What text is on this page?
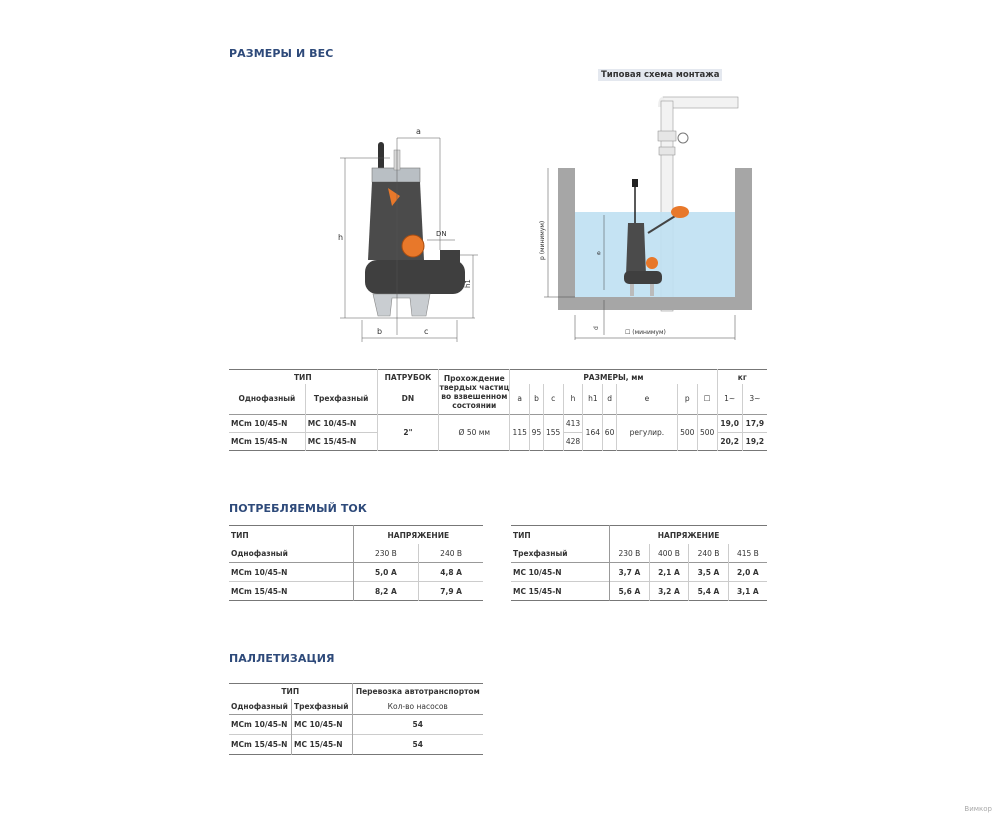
РАЗМЕРЫ И ВЕС
a
h	DN
h1
b	c
Типовая схема монтажа
p (минимум)	e
d
☐ (минимум)
ТИП		ПАТРУБОК	Прохождение твердых частиц во взвешенном состоянии	РАЗМЕРЫ, мм									кг	
Однофазный	Трехфазный	DN		a	b	c	h	h1	d	e	p	☐	1~	3~
MCm 10/45-N	MC 10/45-N	2"	Ø 50 мм	115	95	155	413	164	60	регулир.	500	500	19,0	17,9
MCm 15/45-N	MC 15/45-N						428						20,2	19,2
ПОТРЕБЛЯЕМЫЙ ТОК
ТИП	НАПРЯЖЕНИЕ	
Однофазный	230 В	240 В
MCm 10/45-N	5,0 A	4,8 A
MCm 15/45-N	8,2 A	7,9 A
ТИП	НАПРЯЖЕНИЕ			
Трехфазный	230 В	400 В	240 В	415 В
MC 10/45-N	3,7 A	2,1 A	3,5 A	2,0 A
MC 15/45-N	5,6 A	3,2 A	5,4 A	3,1 A
ПАЛЛЕТИЗАЦИЯ
ТИП		Перевозка автотранспортом
Однофазный	Трехфазный	Кол-во насосов
MCm 10/45-N	MC 10/45-N	54
MCm 15/45-N	MC 15/45-N	54
Вимкор
